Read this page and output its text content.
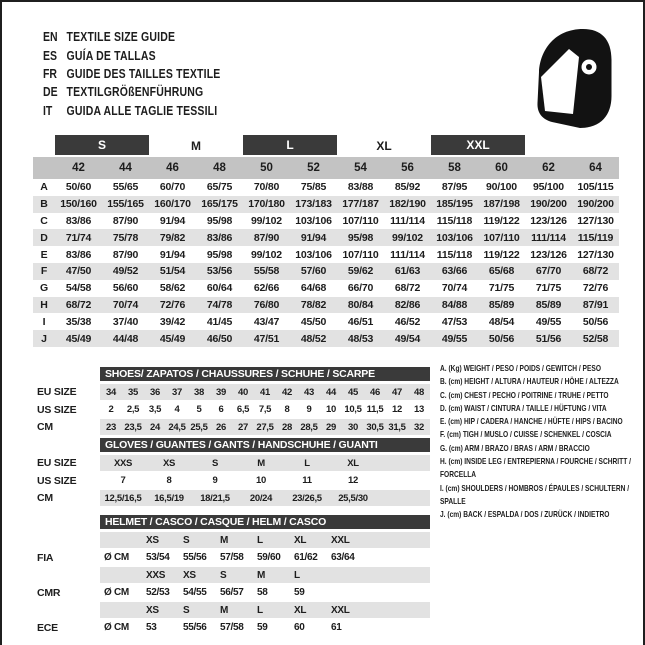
EN TEXTILE SIZE GUIDE
ES GUÍA DE TALLAS
FR GUIDE DES TAILLES TEXTILE
DE TEXTILGRÖßENFÜHRUNG
IT	GUIDA ALLE TAGLIE TESSILI

	S		M		L		XL		XXL			

	42	44	46	48	50	52	54	56	58	60	62	64
A	50/60	55/65	60/70	65/75	70/80	75/85	83/88	85/92	87/95	90/100	95/100	105/115
B	150/160	155/165	160/170	165/175	170/180	173/183	177/187	182/190	185/195	187/198	190/200	190/200
C	83/86	87/90	91/94	95/98	99/102	103/106	107/110	111/114	115/118	119/122	123/126	127/130
D	71/74	75/78	79/82	83/86	87/90	91/94	95/98	99/102	103/106	107/110	111/114	115/119
E	83/86	87/90	91/94	95/98	99/102	103/106	107/110	111/114	115/118	119/122	123/126	127/130
F	47/50	49/52	51/54	53/56	55/58	57/60	59/62	61/63	63/66	65/68	67/70	68/72
G	54/58	56/60	58/62	60/64	62/66	64/68	66/70	68/72	70/74	71/75	71/75	72/76
H	68/72	70/74	72/76	74/78	76/80	78/82	80/84	82/86	84/88	85/89	85/89	87/91
I	35/38	37/40	39/42	41/45	43/47	45/50	46/51	46/52	47/53	48/54	49/55	50/56
J	45/49	44/48	45/49	46/50	47/51	48/52	48/53	49/54	49/55	50/56	51/56	52/58
SHOES/ ZAPATOS / CHAUSSURES / SCHUHE / SCARPE
EU SIZE	34	35	36	37	38	39	40	41	42	43	44	45	46	47	48
US SIZE	2	2,5	3,5	4	5	6	6,5	7,5	8	9	10 10,5 11,5 12	13
CM	23 23,5 24 24,5 25,5 26	27 27,5 28 28,5 29	30 30,5 31,5 32
GLOVES / GUANTES / GANTS / HANDSCHUHE / GUANTI
EU SIZE	XXS	XS	S	M	L	XL
US SIZE	7	8	9	10	11	12
CM	12,5/16,5	16,5/19	18/21,5	20/24	23/26,5	25,5/30
HELMET / CASCO / CASQUE / HELM / CASCO
XS	S	M	L	XL	XXL
FIA	Ø CM	53/54	55/56	57/58	59/60	61/62	63/64
XXS	XS	S	M	L
CMR	Ø CM	52/53	54/55	56/57	58	59
XS	S	M	L	XL	XXL
ECE	Ø CM	53	55/56	57/58	59	60	61
A. (Kg) WEIGHT / PESO / POIDS / GEWITCH / PESO
B. (cm) HEIGHT / ALTURA / HAUTEUR / HÖHE / ALTEZZA
C. (cm) CHEST / PECHO / POITRINE / TRUHE / PETTO
D. (cm) WAIST / CINTURA / TAILLE / HÜFTUNG / VITA
E. (cm) HIP / CADERA / HANCHE / HÜFTE / HIPS / BACINO
F. (cm) TIGH / MUSLO / CUISSE / SCHENKEL / COSCIA
G. (cm) ARM / BRAZO / BRAS / ARM / BRACCIO
H. (cm) INSIDE LEG / ENTREPIERNA / FOURCHE / SCHRITT / FORCELLA
I. (cm) SHOULDERS / HOMBROS / ÉPAULES / SCHULTERN / SPALLE
J. (cm) BACK / ESPALDA / DOS / ZURÜCK / INDIETRO
